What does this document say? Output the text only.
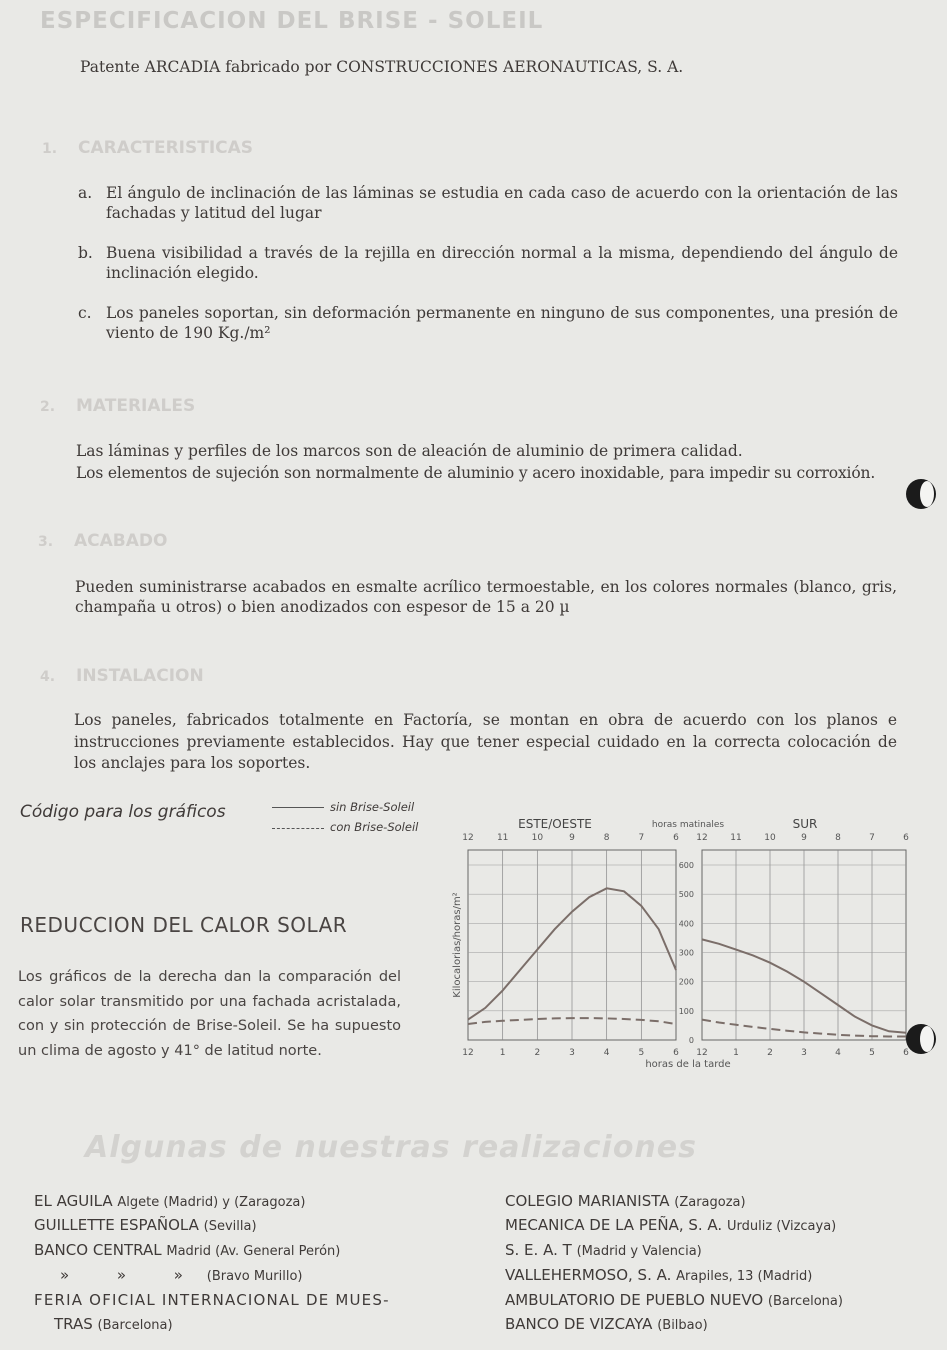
ESPECIFICACION DEL BRISE - SOLEIL
Patente ARCADIA fabricado por CONSTRUCCIONES AERONAUTICAS, S. A.
1. CARACTERISTICAS
a. El ángulo de inclinación de las láminas se estudia en cada caso de acuerdo con la orientación de las fachadas y latitud del lugar
b. Buena visibilidad a través de la rejilla en dirección normal a la misma, dependiendo del ángulo de inclinación elegido.
c. Los paneles soportan, sin deformación permanente en ninguno de sus componentes, una presión de viento de 190 Kg./m²
2. MATERIALES
Las láminas y perfiles de los marcos son de aleación de aluminio de primera calidad.
Los elementos de sujeción son normalmente de aluminio y acero inoxidable, para impedir su corroxión.
3. ACABADO
Pueden suministrarse acabados en esmalte acrílico termoestable, en los colores normales (blanco, gris, champaña u otros) o bien anodizados con espesor de 15 a 20 µ
4. INSTALACION
Los paneles, fabricados totalmente en Factoría, se montan en obra de acuerdo con los planos e instrucciones previamente establecidos. Hay que tener especial cuidado en la correcta colocación de los anclajes para los soportes.
Código para los gráficos	sin Brise-Soleil
con Brise-Soleil
REDUCCION DEL CALOR SOLAR
Los gráficos de la derecha dan la comparación del calor solar transmitido por una fachada acristalada, con y sin protección de Brise-Soleil. Se ha supuesto un clima de agosto y 41° de latitud norte.
horas matinales
horas de la tarde
Kilocalorias/horas/m²
0
100
200
300
400
500
600
ESTE/OESTE
12	11	10	9	8	7	6
12	1	2	3	4	5	6
SUR
12	11	10	9	8	7	6
12	1	2	3	4	5	6
Algunas de nuestras realizaciones
EL AGUILA Algete (Madrid) y (Zaragoza)
GUILLETTE ESPAÑOLA (Sevilla)
BANCO CENTRAL Madrid (Av. General Perón)
»          »          » (Bravo Murillo)
FERIA OFICIAL INTERNACIONAL DE MUES-
TRAS (Barcelona)
COLEGIO MARIANISTA (Zaragoza)
MECANICA DE LA PEÑA, S. A. Urduliz (Vizcaya)
S. E. A. T (Madrid y Valencia)
VALLEHERMOSO, S. A. Arapiles, 13 (Madrid)
AMBULATORIO DE PUEBLO NUEVO (Barcelona)
BANCO DE VIZCAYA (Bilbao)
